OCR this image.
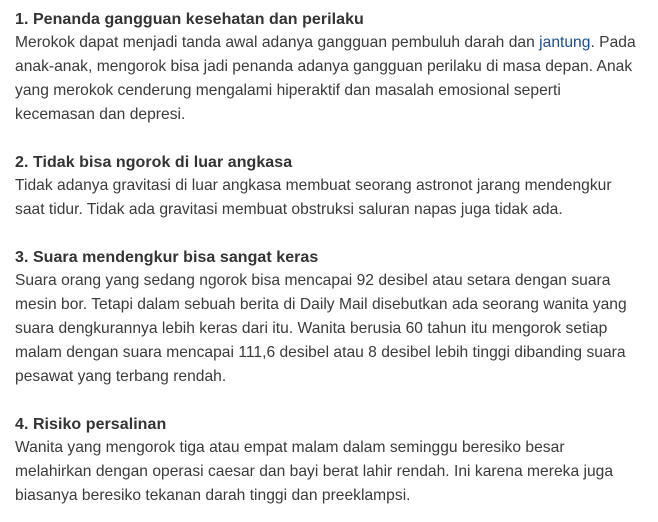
1. Penanda gangguan kesehatan dan perilaku

Merokok dapat menjadi tanda awal adanya gangguan pembuluh darah dan jantung. Pada anak-anak, mengorok bisa jadi penanda adanya gangguan perilaku di masa depan. Anak yang merokok cenderung mengalami hiperaktif dan masalah emosional seperti kecemasan dan depresi.

2. Tidak bisa ngorok di luar angkasa

Tidak adanya gravitasi di luar angkasa membuat seorang astronot jarang mendengkur saat tidur. Tidak ada gravitasi membuat obstruksi saluran napas juga tidak ada.

3. Suara mendengkur bisa sangat keras

Suara orang yang sedang ngorok bisa mencapai 92 desibel atau setara dengan suara mesin bor. Tetapi dalam sebuah berita di Daily Mail disebutkan ada seorang wanita yang suara dengkurannya lebih keras dari itu. Wanita berusia 60 tahun itu mengorok setiap malam dengan suara mencapai 111,6 desibel atau 8 desibel lebih tinggi dibanding suara pesawat yang terbang rendah.

4. Risiko persalinan

Wanita yang mengorok tiga atau empat malam dalam seminggu beresiko besar melahirkan dengan operasi caesar dan bayi berat lahir rendah. Ini karena mereka juga biasanya beresiko tekanan darah tinggi dan preeklampsi.
